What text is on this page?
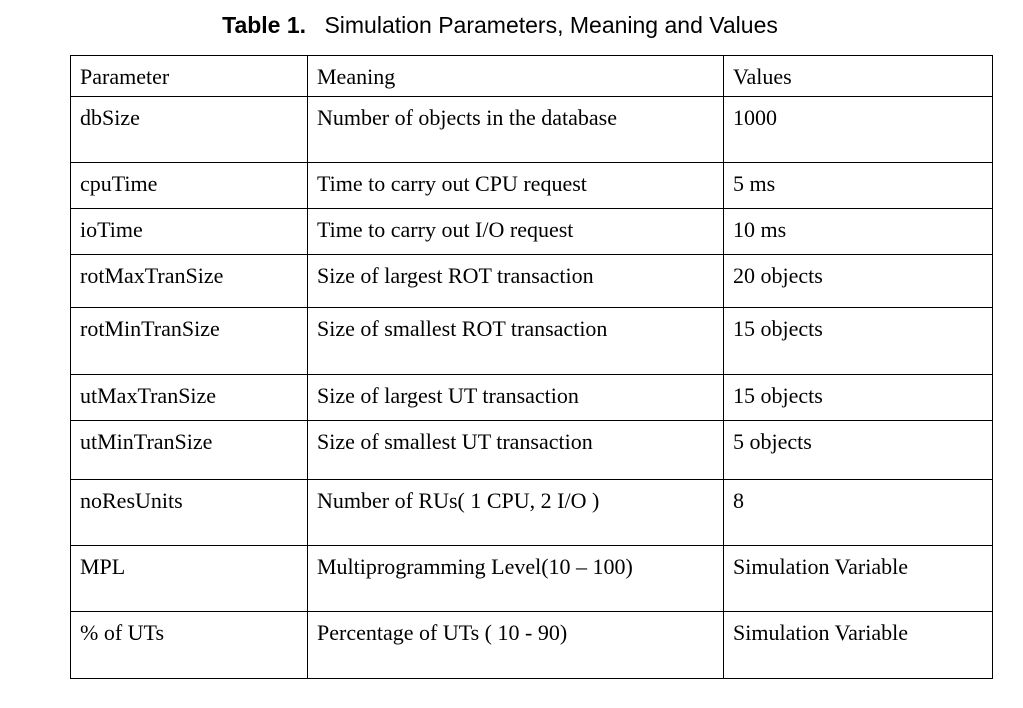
Table 1. Simulation Parameters, Meaning and Values
Parameter	Meaning	Values
dbSize	Number of objects in the database	1000
cpuTime	Time to carry out CPU request	5 ms
ioTime	Time to carry out I/O request	10 ms
rotMaxTranSize	Size of largest ROT transaction	20 objects
rotMinTranSize	Size of smallest ROT transaction	15 objects
utMaxTranSize	Size of largest UT transaction	15 objects
utMinTranSize	Size of smallest UT transaction	5 objects
noResUnits	Number of RUs( 1 CPU, 2 I/O )	8
MPL	Multiprogramming Level(10 – 100)	Simulation Variable
% of UTs	Percentage of UTs ( 10 - 90)	Simulation Variable
